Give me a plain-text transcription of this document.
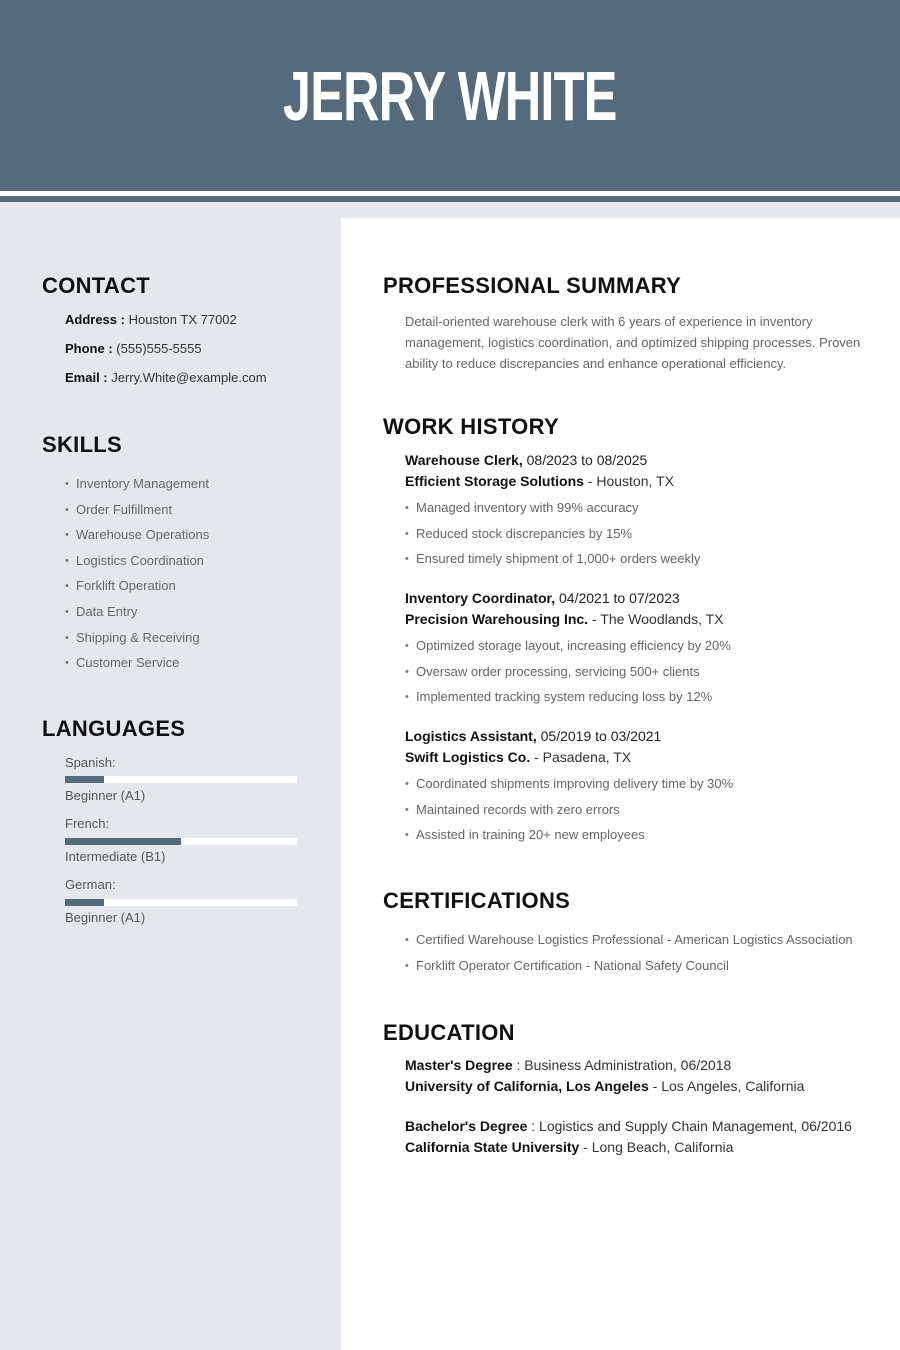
JERRY WHITE
CONTACT
Address : Houston TX 77002
Phone : (555)555-5555
Email : Jerry.White@example.com
SKILLS
• Inventory Management
• Order Fulfillment
• Warehouse Operations
• Logistics Coordination
• Forklift Operation
• Data Entry
• Shipping & Receiving
• Customer Service
LANGUAGES
Spanish:
Beginner (A1)
French:
Intermediate (B1)
German:
Beginner (A1)
PROFESSIONAL SUMMARY

Detail-oriented warehouse clerk with 6 years of experience in inventory management, logistics coordination, and optimized shipping processes. Proven ability to reduce discrepancies and enhance operational efficiency.

WORK HISTORY
Warehouse Clerk, 08/2023 to 08/2025
Efficient Storage Solutions - Houston, TX
• Managed inventory with 99% accuracy
• Reduced stock discrepancies by 15%
• Ensured timely shipment of 1,000+ orders weekly
Inventory Coordinator, 04/2021 to 07/2023
Precision Warehousing Inc. - The Woodlands, TX
• Optimized storage layout, increasing efficiency by 20%
• Oversaw order processing, servicing 500+ clients
• Implemented tracking system reducing loss by 12%
Logistics Assistant, 05/2019 to 03/2021
Swift Logistics Co. - Pasadena, TX
• Coordinated shipments improving delivery time by 30%
• Maintained records with zero errors
• Assisted in training 20+ new employees
CERTIFICATIONS
• Certified Warehouse Logistics Professional - American Logistics Association
• Forklift Operator Certification - National Safety Council
EDUCATION
Master's Degree : Business Administration, 06/2018
University of California, Los Angeles - Los Angeles, California
Bachelor's Degree : Logistics and Supply Chain Management, 06/2016
California State University - Long Beach, California
